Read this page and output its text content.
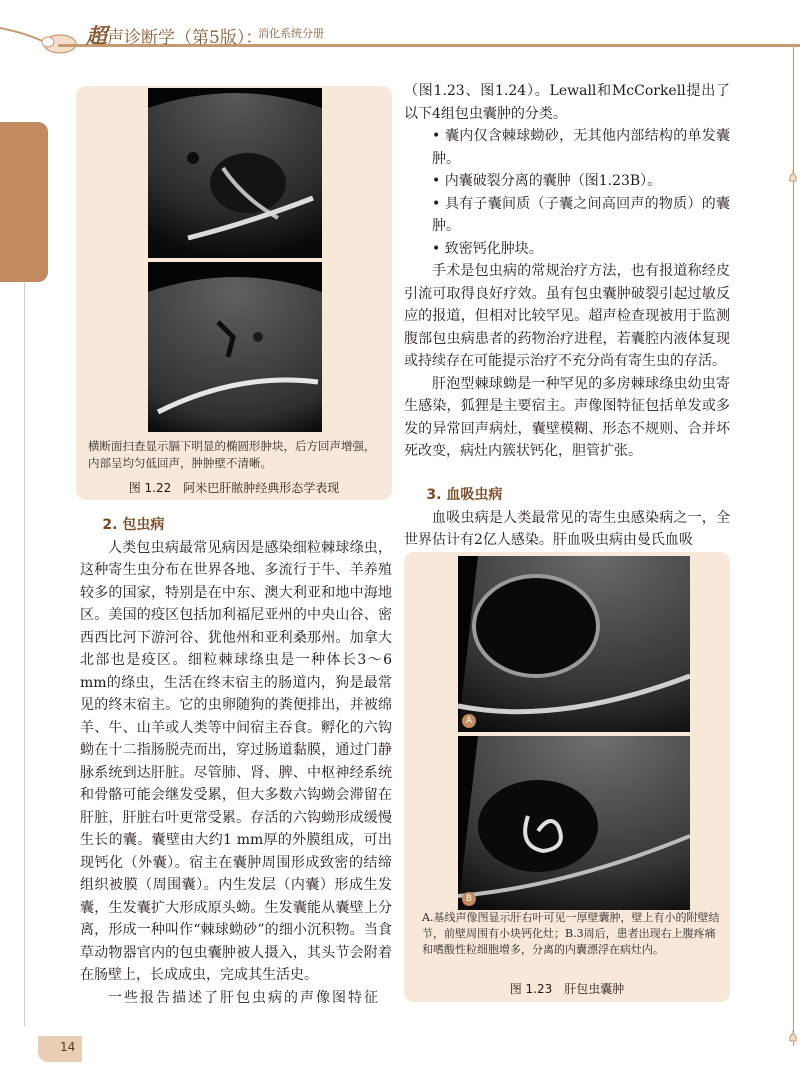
超声诊断学（第5版）：
消化系统分册
横断面扫查显示膈下明显的椭圆形肿块，后方回声增强，内部呈均匀低回声，肿肿壁不清晰。
图 1.22　阿米巴肝脓肿经典形态学表现

（图1.23、图1.24）。Lewall和McCorkell提出了以下4组包虫囊肿的分类。

• 囊内仅含棘球蚴砂，无其他内部结构的单发囊肿。

• 内囊破裂分离的囊肿（图1.23B）。

• 具有子囊间质（子囊之间高回声的物质）的囊肿。

• 致密钙化肿块。

手术是包虫病的常规治疗方法，也有报道称经皮引流可取得良好疗效。虽有包虫囊肿破裂引起过敏反应的报道，但相对比较罕见。超声检查现被用于监测腹部包虫病患者的药物治疗进程，若囊腔内液体复现或持续存在可能提示治疗不充分尚有寄生虫的存活。

肝泡型棘球蚴是一种罕见的多房棘球绦虫幼虫寄生感染，狐狸是主要宿主。声像图特征包括单发或多发的异常回声病灶，囊壁模糊、形态不规则、合并坏死改变，病灶内簇状钙化，胆管扩张。

3. 血吸虫病

血吸虫病是人类最常见的寄生虫感染病之一，全世界估计有2亿人感染。肝血吸虫病由曼氏血吸

A
B
A.基线声像图显示肝右叶可见一厚壁囊肿，壁上有小的附壁结节，前壁周围有小块钙化灶；B.3周后，患者出现右上腹疼痛和嗜酸性粒细胞增多，分离的内囊漂浮在病灶内。
图 1.23　肝包虫囊肿
2. 包虫病

人类包虫病最常见病因是感染细粒棘球绦虫，这种寄生虫分布在世界各地、多流行于牛、羊养殖较多的国家，特别是在中东、澳大利亚和地中海地区。美国的疫区包括加利福尼亚州的中央山谷、密西西比河下游河谷、犹他州和亚利桑那州。加拿大北部也是疫区。细粒棘球绦虫是一种体长3～6 mm的绦虫，生活在终末宿主的肠道内，狗是最常见的终末宿主。它的虫卵随狗的粪便排出，并被绵羊、牛、山羊或人类等中间宿主吞食。孵化的六钩蚴在十二指肠脱壳而出，穿过肠道黏膜，通过门静脉系统到达肝脏。尽管肺、肾、脾、中枢神经系统和骨骼可能会继发受累，但大多数六钩蚴会滞留在肝脏，肝脏右叶更常受累。存活的六钩蚴形成缓慢生长的囊。囊壁由大约1 mm厚的外膜组成，可出现钙化（外囊）。宿主在囊肿周围形成致密的结缔组织被膜（周围囊）。内生发层（内囊）形成生发囊，生发囊扩大形成原头蚴。生发囊能从囊壁上分离，形成一种叫作“棘球蚴砂”的细小沉积物。当食草动物器官内的包虫囊肿被人摄入，其头节会附着在肠壁上，长成成虫，完成其生活史。

一些报告描述了肝包虫病的声像图特征

14
